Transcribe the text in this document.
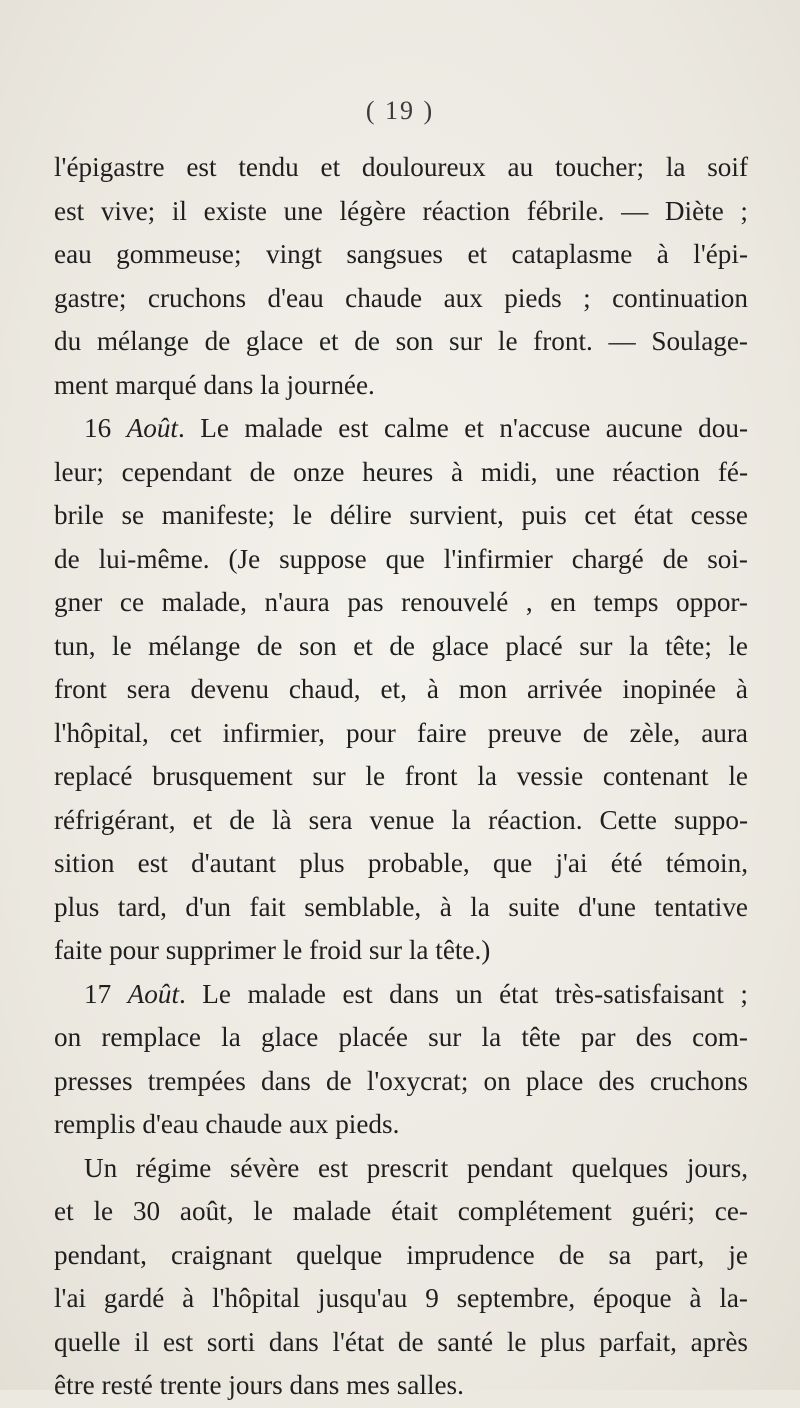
( 19 )
l'épigastre est tendu et douloureux au toucher; la soif
est vive; il existe une légère réaction fébrile. — Diète ;
eau gommeuse; vingt sangsues et cataplasme à l'épi-
gastre; cruchons d'eau chaude aux pieds ; continuation
du mélange de glace et de son sur le front. — Soulage-
ment marqué dans la journée.
16 Août. Le malade est calme et n'accuse aucune dou-
leur; cependant de onze heures à midi, une réaction fé-
brile se manifeste; le délire survient, puis cet état cesse
de lui-même. (Je suppose que l'infirmier chargé de soi-
gner ce malade, n'aura pas renouvelé , en temps oppor-
tun, le mélange de son et de glace placé sur la tête; le
front sera devenu chaud, et, à mon arrivée inopinée à
l'hôpital, cet infirmier, pour faire preuve de zèle, aura
replacé brusquement sur le front la vessie contenant le
réfrigérant, et de là sera venue la réaction. Cette suppo-
sition est d'autant plus probable, que j'ai été témoin,
plus tard, d'un fait semblable, à la suite d'une tentative
faite pour supprimer le froid sur la tête.)
17 Août. Le malade est dans un état très-satisfaisant ;
on remplace la glace placée sur la tête par des com-
presses trempées dans de l'oxycrat; on place des cruchons
remplis d'eau chaude aux pieds.
Un régime sévère est prescrit pendant quelques jours,
et le 30 août, le malade était complétement guéri; ce-
pendant, craignant quelque imprudence de sa part, je
l'ai gardé à l'hôpital jusqu'au 9 septembre, époque à la-
quelle il est sorti dans l'état de santé le plus parfait, après
être resté trente jours dans mes salles.
